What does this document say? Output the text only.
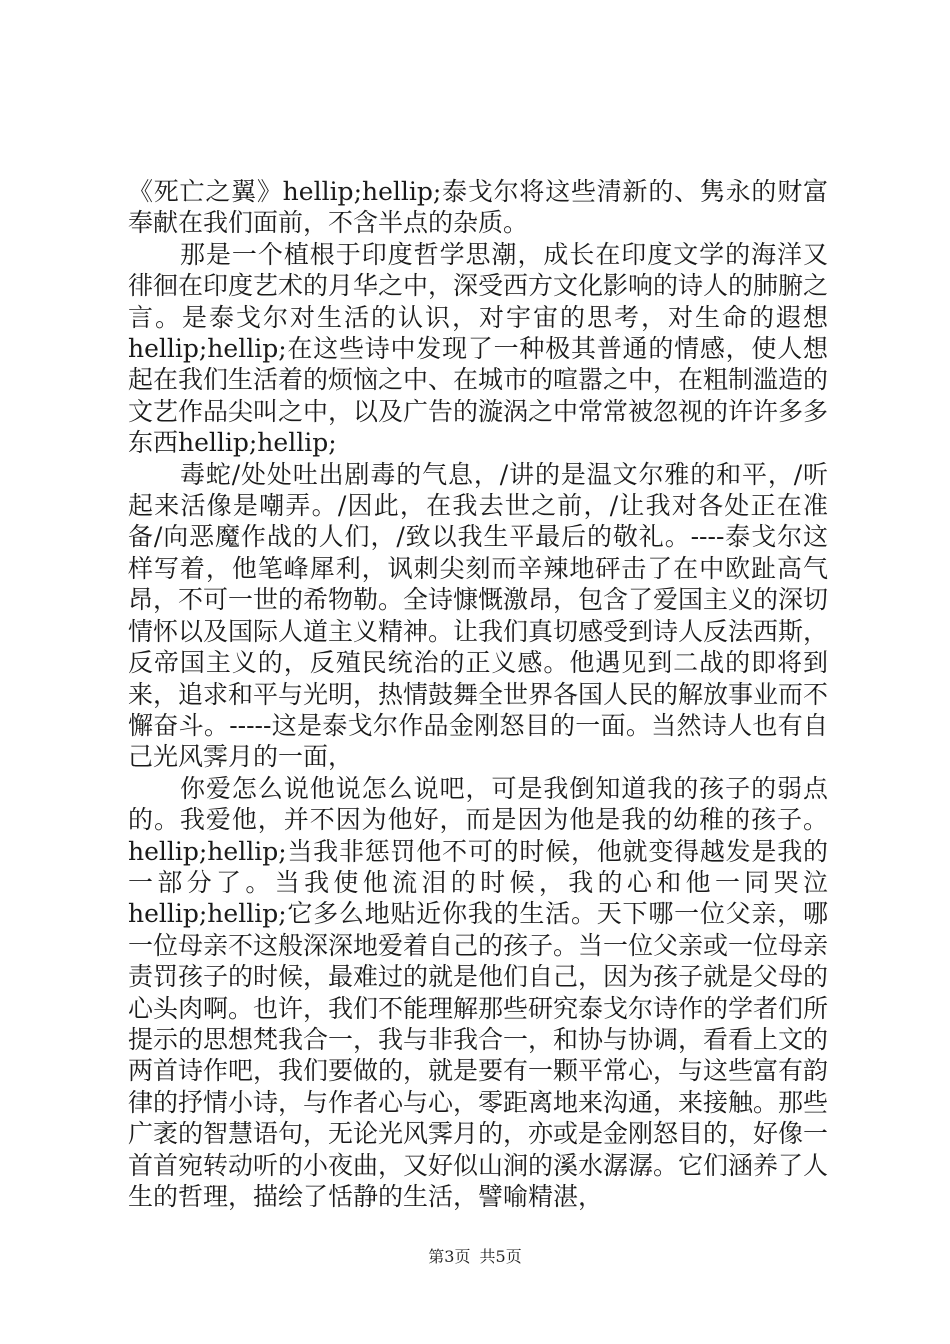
《死亡之翼》hellip;hellip;泰戈尔将这些清新的、隽永的财富奉献在我们面前，不含半点的杂质。

那是一个植根于印度哲学思潮，成长在印度文学的海洋又徘徊在印度艺术的月华之中，深受西方文化影响的诗人的肺腑之言。是泰戈尔对生活的认识，对宇宙的思考，对生命的遐想hellip;hellip;在这些诗中发现了一种极其普通的情感，使人想起在我们生活着的烦恼之中、在城市的喧嚣之中，在粗制滥造的文艺作品尖叫之中，以及广告的漩涡之中常常被忽视的许许多多东西hellip;hellip;

毒蛇/处处吐出剧毒的气息，/讲的是温文尔雅的和平，/听起来活像是嘲弄。/因此，在我去世之前，/让我对各处正在准备/向恶魔作战的人们，/致以我生平最后的敬礼。----泰戈尔这样写着，他笔峰犀利，讽刺尖刻而辛辣地砰击了在中欧趾高气昂，不可一世的希物勒。全诗慷慨激昂，包含了爱国主义的深切情怀以及国际人道主义精神。让我们真切感受到诗人反法西斯，反帝国主义的，反殖民统治的正义感。他遇见到二战的即将到来，追求和平与光明，热情鼓舞全世界各国人民的解放事业而不懈奋斗。-----这是泰戈尔作品金刚怒目的一面。当然诗人也有自己光风霁月的一面，

你爱怎么说他说怎么说吧，可是我倒知道我的孩子的弱点的。我爱他，并不因为他好，而是因为他是我的幼稚的孩子。hellip;hellip;当我非惩罚他不可的时候，他就变得越发是我的一部分了。当我使他流泪的时候，我的心和他一同哭泣hellip;hellip;它多么地贴近你我的生活。天下哪一位父亲，哪一位母亲不这般深深地爱着自己的孩子。当一位父亲或一位母亲责罚孩子的时候，最难过的就是他们自己，因为孩子就是父母的心头肉啊。也许，我们不能理解那些研究泰戈尔诗作的学者们所提示的思想梵我合一，我与非我合一，和协与协调，看看上文的两首诗作吧，我们要做的，就是要有一颗平常心，与这些富有韵律的抒情小诗，与作者心与心，零距离地来沟通，来接触。那些广袤的智慧语句，无论光风霁月的，亦或是金刚怒目的，好像一首首宛转动听的小夜曲，又好似山涧的溪水潺潺。它们涵养了人生的哲理，描绘了恬静的生活，譬喻精湛，

第3页 共5页
